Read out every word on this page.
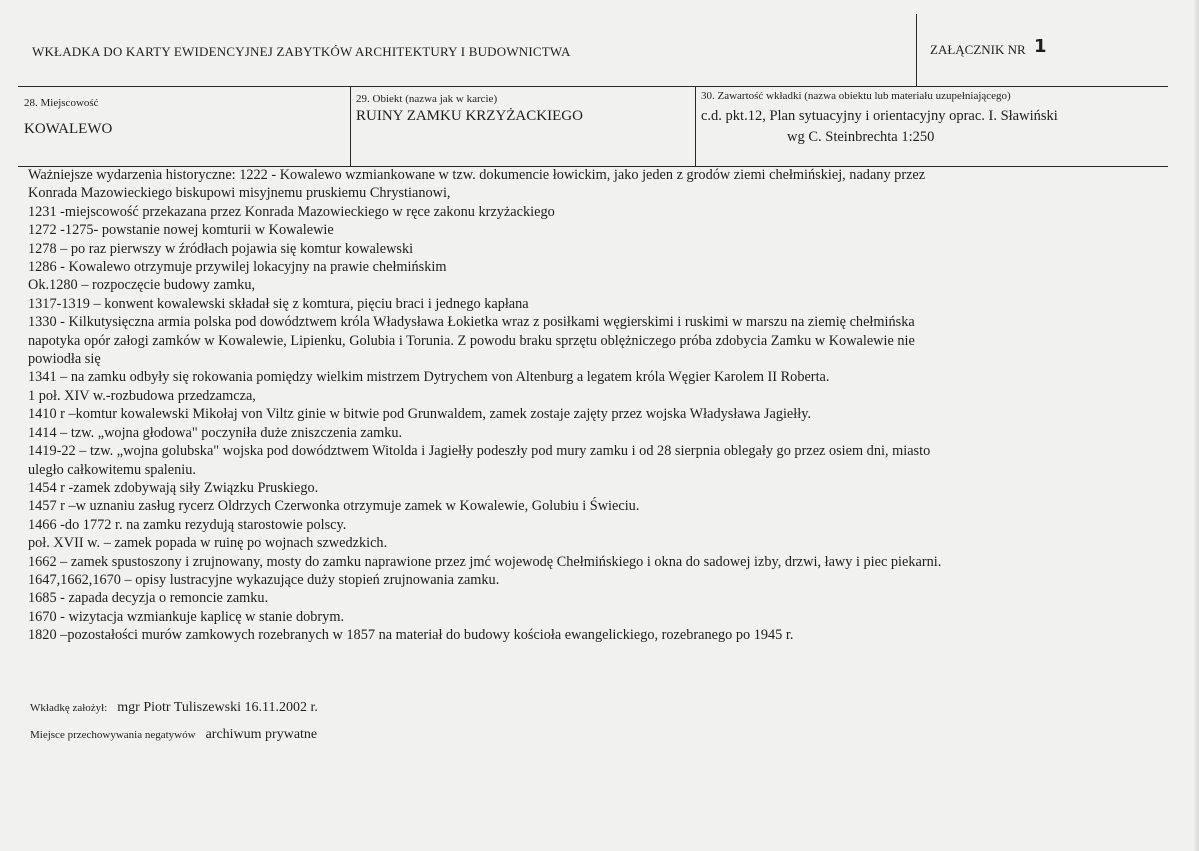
WKŁADKA DO KARTY EWIDENCYJNEJ ZABYTKÓW ARCHITEKTURY I BUDOWNICTWA	ZAŁĄCZNIK NR 1
28. Miejscowość
KOWALEWO
29. Obiekt (nazwa jak w karcie)
RUINY ZAMKU KRZYŻACKIEGO
30. Zawartość wkładki (nazwa obiektu lub materiału uzupełniającego)
c.d. pkt.12, Plan sytuacyjny i orientacyjny oprac. I. Sławiński
wg C. Steinbrechta 1:250
Ważniejsze wydarzenia historyczne: 1222 - Kowalewo wzmiankowane w tzw. dokumencie łowickim, jako jeden z grodów ziemi chełmińskiej, nadany przez
Konrada Mazowieckiego biskupowi misyjnemu pruskiemu Chrystianowi,
1231 -miejscowość przekazana przez Konrada Mazowieckiego w ręce zakonu krzyżackiego
1272 -1275- powstanie nowej komturii w Kowalewie
1278 – po raz pierwszy w źródłach pojawia się komtur kowalewski
1286 - Kowalewo otrzymuje przywilej lokacyjny na prawie chełmińskim
Ok.1280 – rozpoczęcie budowy zamku,
1317-1319 – konwent kowalewski składał się z komtura, pięciu braci i jednego kapłana
1330 - Kilkutysięczna armia polska pod dowództwem króla Władysława Łokietka wraz z posiłkami węgierskimi i ruskimi w marszu na ziemię chełmińska
napotyka opór załogi zamków w Kowalewie, Lipienku, Golubia i Torunia. Z powodu braku sprzętu oblężniczego próba zdobycia Zamku w Kowalewie nie
powiodła się
1341 – na zamku odbyły się rokowania pomiędzy wielkim mistrzem Dytrychem von Altenburg a legatem króla Węgier Karolem II Roberta.
1 poł. XIV w.-rozbudowa przedzamcza,
1410 r –komtur kowalewski Mikołaj von Viltz ginie w bitwie pod Grunwaldem, zamek zostaje zajęty przez wojska Władysława Jagiełły.
1414 – tzw. „wojna głodowa" poczyniła duże zniszczenia zamku.
1419-22 – tzw. „wojna golubska" wojska pod dowództwem Witolda i Jagiełły podeszły pod mury zamku i od 28 sierpnia oblegały go przez osiem dni, miasto
uległo całkowitemu spaleniu.
1454 r -zamek zdobywają siły Związku Pruskiego.
1457 r –w uznaniu zasług rycerz Oldrzych Czerwonka otrzymuje zamek w Kowalewie, Golubiu i Świeciu.
1466 -do 1772 r. na zamku rezydują starostowie polscy.
poł. XVII w. – zamek popada w ruinę po wojnach szwedzkich.
1662 – zamek spustoszony i zrujnowany, mosty do zamku naprawione przez jmć wojewodę Chełmińskiego i okna do sadowej izby, drzwi, ławy i piec piekarni.
1647,1662,1670 – opisy lustracyjne wykazujące duży stopień zrujnowania zamku.
1685 - zapada decyzja o remoncie zamku.
1670 - wizytacja wzmiankuje kaplicę w stanie dobrym.
1820 –pozostałości murów zamkowych rozebranych w 1857 na materiał do budowy kościoła ewangelickiego, rozebranego po 1945 r.
Wkładkę założył: mgr Piotr Tuliszewski 16.11.2002 r.
Miejsce przechowywania negatywów archiwum prywatne
